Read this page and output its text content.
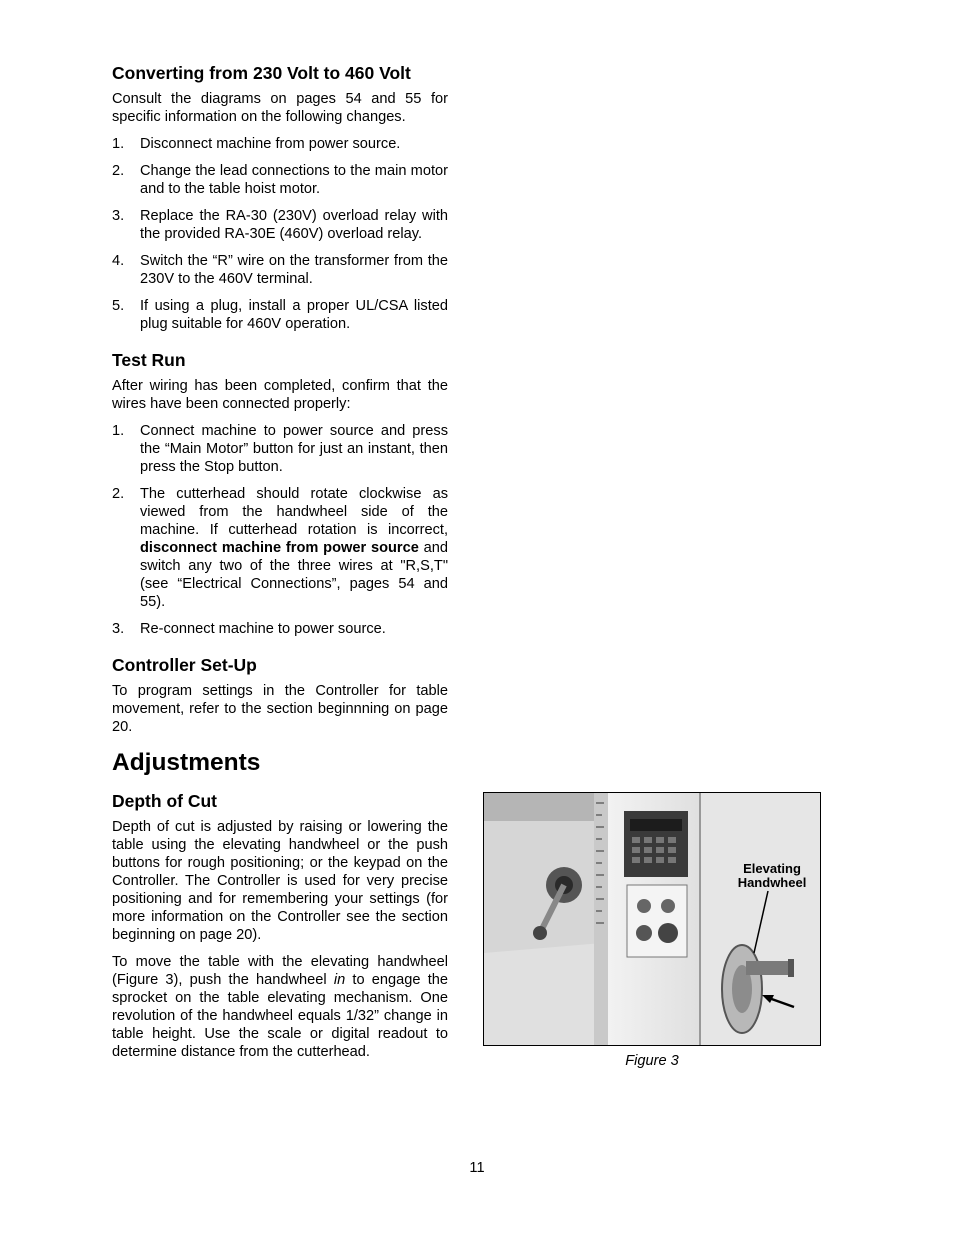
Converting from 230 Volt to 460 Volt

Consult the diagrams on pages 54 and 55 for specific information on the following changes.

1. Disconnect machine from power source.
2. Change the lead connections to the main motor and to the table hoist motor.
3. Replace the RA-30 (230V) overload relay with the provided RA-30E (460V) overload relay.
4. Switch the “R” wire on the transformer from the 230V to the 460V terminal.
5. If using a plug, install a proper UL/CSA listed plug suitable for 460V operation.
Test Run

After wiring has been completed, confirm that the wires have been connected properly:

1. Connect machine to power source and press the “Main Motor” button for just an instant, then press the Stop button.
2. The cutterhead should rotate clockwise as viewed from the handwheel side of the machine. If cutterhead rotation is incorrect, disconnect machine from power source and switch any two of the three wires at "R,S,T" (see “Electrical Connections”, pages 54 and 55).
3. Re-connect machine to power source.
Controller Set-Up

To program settings in the Controller for table movement, refer to the section beginnning on page 20.

Adjustments
Depth of Cut

Depth of cut is adjusted by raising or lowering the table using the elevating handwheel or the push buttons for rough positioning; or the keypad on the Controller. The Controller is used for very precise positioning and for remembering your settings (for more information on the Controller see the section beginning on page 20).

To move the table with the elevating handwheel (Figure 3), push the handwheel in to engage the sprocket on the table elevating mechanism. One revolution of the handwheel equals 1/32” change in table height. Use the scale or digital readout to determine distance from the cutterhead.

Elevating
Handwheel
Figure 3
11
